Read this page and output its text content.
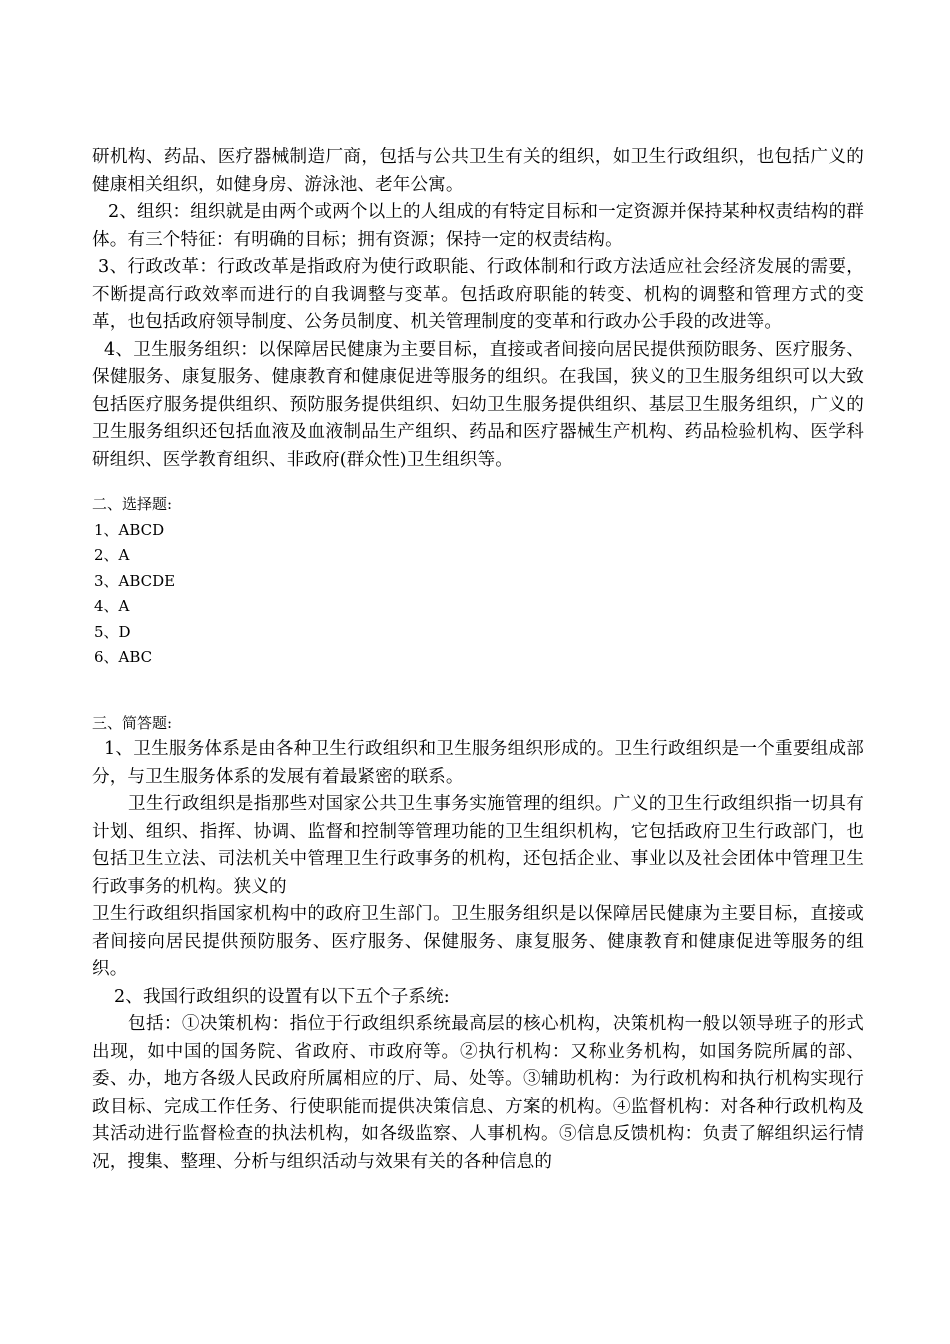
研机构、药品、医疗器械制造厂商，包括与公共卫生有关的组织，如卫生行政组织，也包括广义的健康相关组织，如健身房、游泳池、老年公寓。

2、组织：组织就是由两个或两个以上的人组成的有特定目标和一定资源并保持某种权责结构的群体。有三个特征：有明确的目标；拥有资源；保持一定的权责结构。

3、行政改革：行政改革是指政府为使行政职能、行政体制和行政方法适应社会经济发展的需要，不断提高行政效率而进行的自我调整与变革。包括政府职能的转变、机构的调整和管理方式的变革，也包括政府领导制度、公务员制度、机关管理制度的变革和行政办公手段的改进等。

4、卫生服务组织：以保障居民健康为主要目标，直接或者间接向居民提供预防眼务、医疗服务、保健服务、康复服务、健康教育和健康促进等服务的组织。在我国，狭义的卫生服务组织可以大致包括医疗服务提供组织、预防服务提供组织、妇幼卫生服务提供组织、基层卫生服务组织，广义的卫生服务组织还包括血液及血液制品生产组织、药品和医疗器械生产机构、药品检验机构、医学科研组织、医学教育组织、非政府(群众性)卫生组织等。

二、选择题:

1、ABCD

2、A

3、ABCDE

4、A

5、D

6、ABC

三、简答题:

1、卫生服务体系是由各种卫生行政组织和卫生服务组织形成的。卫生行政组织是一个重要组成部分，与卫生服务体系的发展有着最紧密的联系。

卫生行政组织是指那些对国家公共卫生事务实施管理的组织。广义的卫生行政组织指一切具有计划、组织、指挥、协调、监督和控制等管理功能的卫生组织机构，它包括政府卫生行政部门，也包括卫生立法、司法机关中管理卫生行政事务的机构，还包括企业、事业以及社会团体中管理卫生行政事务的机构。狭义的

卫生行政组织指国家机构中的政府卫生部门。卫生服务组织是以保障居民健康为主要目标，直接或者间接向居民提供预防服务、医疗服务、保健服务、康复服务、健康教育和健康促进等服务的组织。

2、我国行政组织的设置有以下五个子系统:

包括：①决策机构：指位于行政组织系统最高层的核心机构，决策机构一般以领导班子的形式出现，如中国的国务院、省政府、市政府等。②执行机构：又称业务机构，如国务院所属的部、委、办，地方各级人民政府所属相应的厅、局、处等。③辅助机构：为行政机构和执行机构实现行政目标、完成工作任务、行使职能而提供决策信息、方案的机构。④监督机构：对各种行政机构及其活动进行监督检查的执法机构，如各级监察、人事机构。⑤信息反馈机构：负责了解组织运行情况，搜集、整理、分析与组织活动与效果有关的各种信息的
